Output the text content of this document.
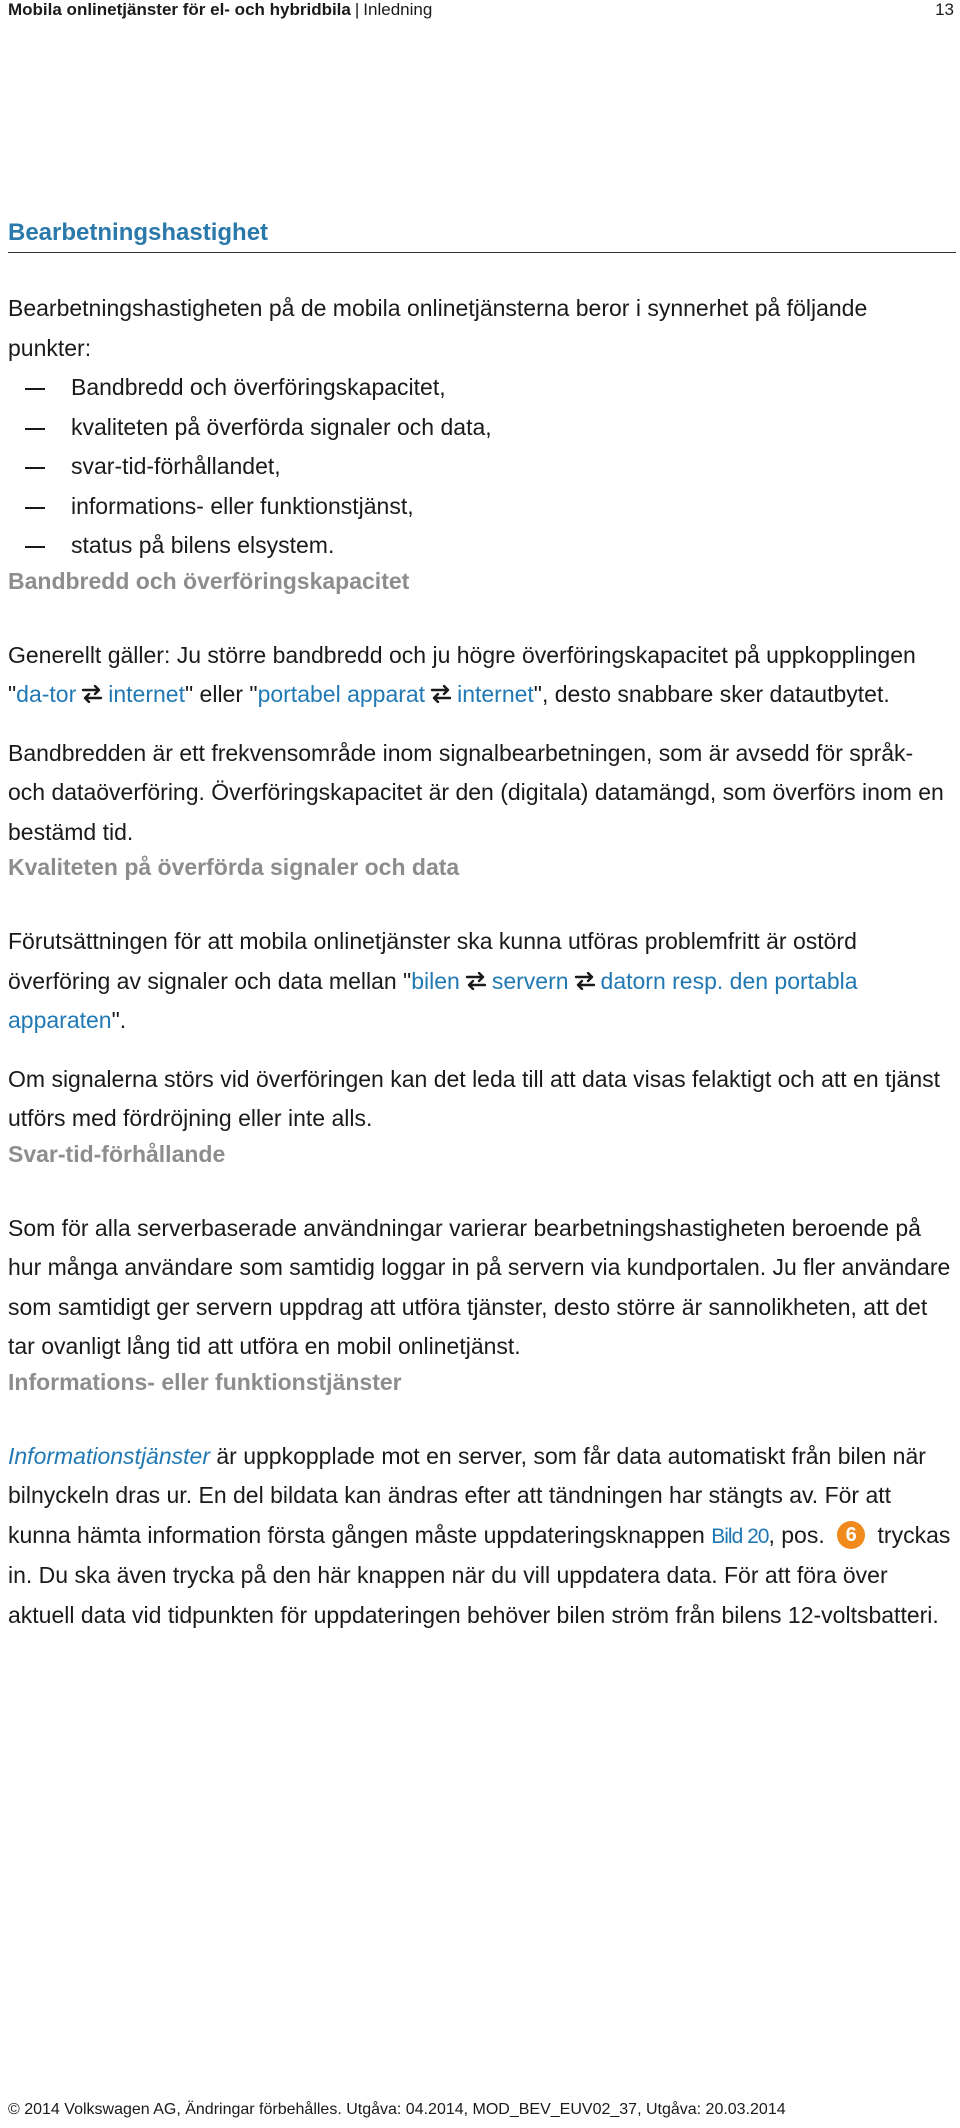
Mobila onlinetjänster för el- och hybridbila | Inledning	13
Bearbetningshastighet

Bearbetningshastigheten på de mobila onlinetjänsterna beror i synnerhet på följande punkter:

Bandbredd och överföringskapacitet,
kvaliteten på överförda signaler och data,
svar-tid-förhållandet,
informations- eller funktionstjänst,
status på bilens elsystem.
Bandbredd och överföringskapacitet

Generellt gäller: Ju större bandbredd och ju högre överföringskapacitet på uppkopplingen "da-tor internet" eller "portabel apparat internet", desto snabbare sker datautbytet.

Bandbredden är ett frekvensområde inom signalbearbetningen, som är avsedd för språk- och dataöverföring. Överföringskapacitet är den (digitala) datamängd, som överförs inom en bestämd tid.

Kvaliteten på överförda signaler och data

Förutsättningen för att mobila onlinetjänster ska kunna utföras problemfritt är ostörd överföring av signaler och data mellan "bilen servern datorn resp. den portabla apparaten".

Om signalerna störs vid överföringen kan det leda till att data visas felaktigt och att en tjänst utförs med fördröjning eller inte alls.

Svar-tid-förhållande

Som för alla serverbaserade användningar varierar bearbetningshastigheten beroende på hur många användare som samtidig loggar in på servern via kundportalen. Ju fler användare som samtidigt ger servern uppdrag att utföra tjänster, desto större är sannolikheten, att det tar ovanligt lång tid att utföra en mobil onlinetjänst.

Informations- eller funktionstjänster

Informationstjänster är uppkopplade mot en server, som får data automatiskt från bilen när bilnyckeln dras ur. En del bildata kan ändras efter att tändningen har stängts av. För att kunna hämta information första gången måste uppdateringsknappen Bild 20, pos. 6 tryckas in. Du ska även trycka på den här knappen när du vill uppdatera data. För att föra över aktuell data vid tidpunkten för uppdateringen behöver bilen ström från bilens 12-voltsbatteri.

© 2014 Volkswagen AG, Ändringar förbehålles. Utgåva: 04.2014, MOD_BEV_EUV02_37, Utgåva: 20.03.2014
